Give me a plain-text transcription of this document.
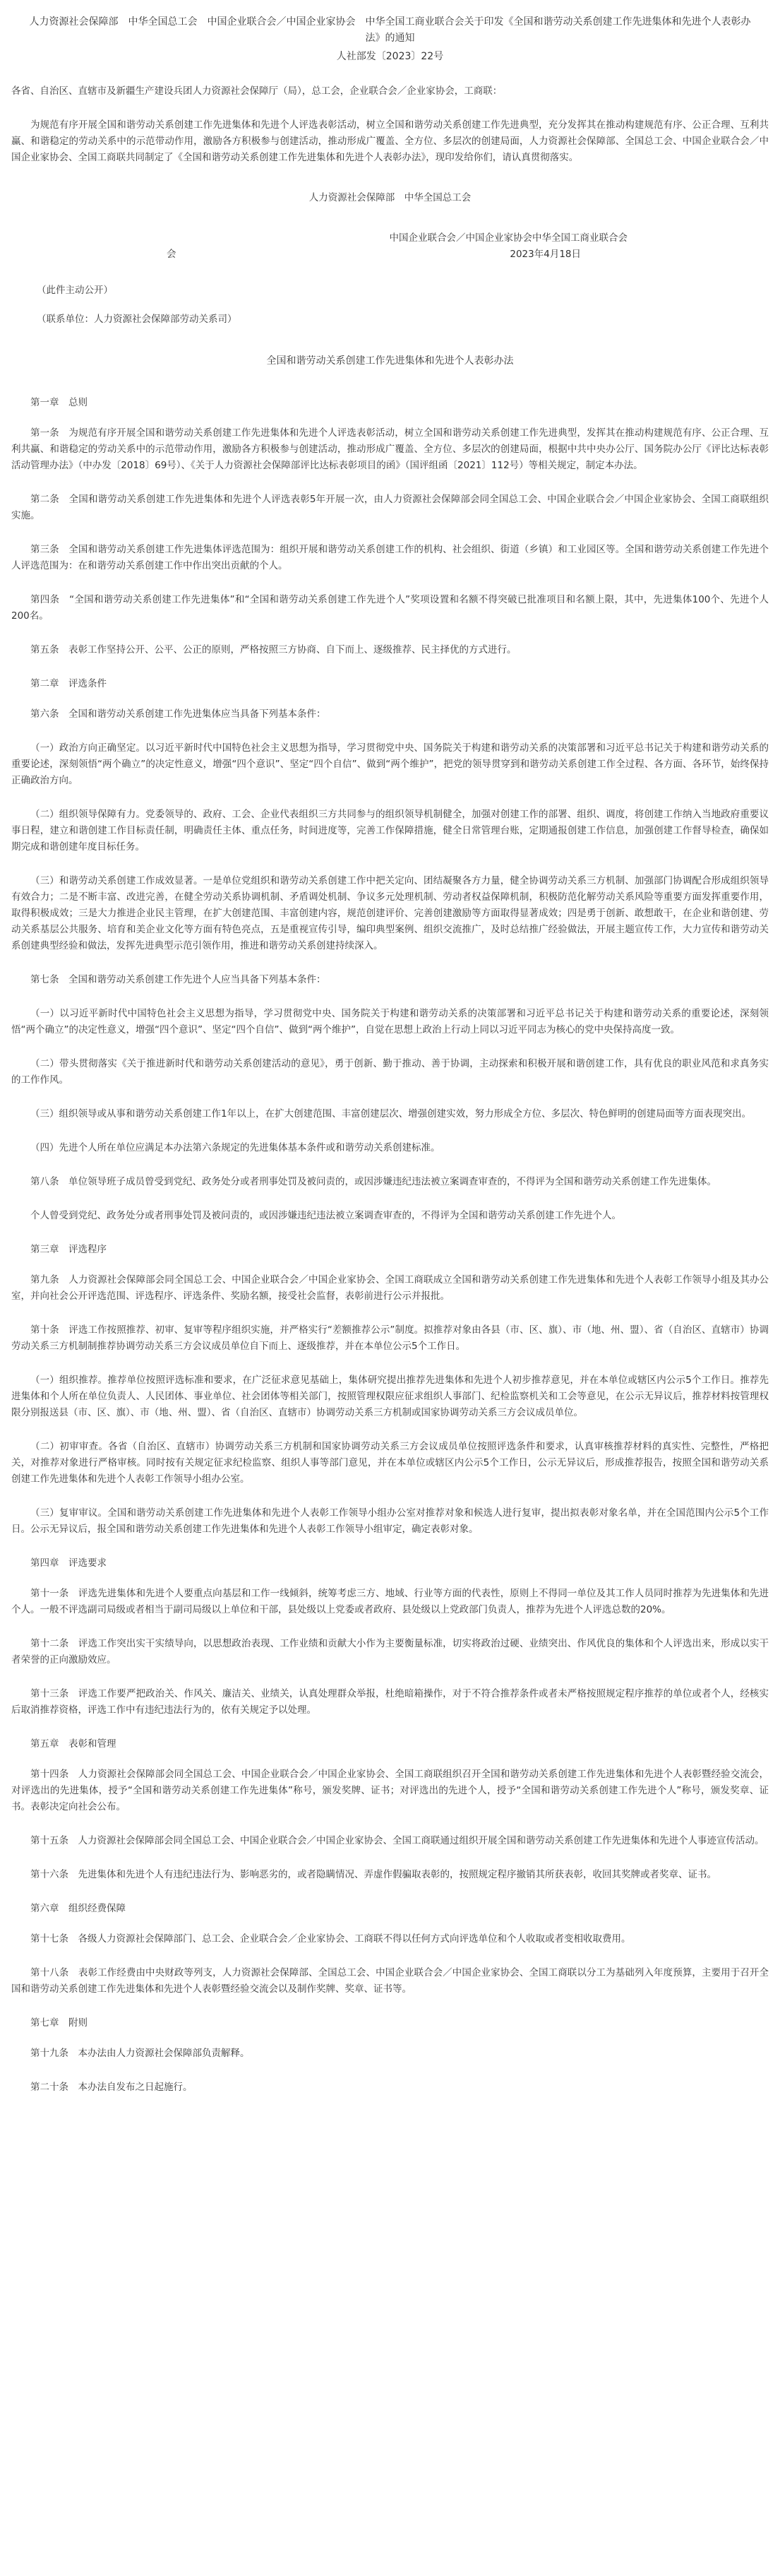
人力资源社会保障部　中华全国总工会　中国企业联合会／中国企业家协会　中华全国工商业联合会关于印发《全国和谐劳动关系创建工作先进集体和先进个人表彰办法》的通知

人社部发〔2023〕22号

各省、自治区、直辖市及新疆生产建设兵团人力资源社会保障厅（局），总工会，企业联合会／企业家协会，工商联：

为规范有序开展全国和谐劳动关系创建工作先进集体和先进个人评选表彰活动，树立全国和谐劳动关系创建工作先进典型，充分发挥其在推动构建规范有序、公正合理、互利共赢、和谐稳定的劳动关系中的示范带动作用，激励各方积极参与创建活动，推动形成广覆盖、全方位、多层次的创建局面，人力资源社会保障部、全国总工会、中国企业联合会／中国企业家协会、全国工商联共同制定了《全国和谐劳动关系创建工作先进集体和先进个人表彰办法》，现印发给你们，请认真贯彻落实。

人力资源社会保障部　中华全国总工会

中国企业联合会／中国企业家协会中华全国工商业联合会

会	2023年4月18日

（此件主动公开）

（联系单位：人力资源社会保障部劳动关系司）

全国和谐劳动关系创建工作先进集体和先进个人表彰办法

第一章　总则

第一条　为规范有序开展全国和谐劳动关系创建工作先进集体和先进个人评选表彰活动，树立全国和谐劳动关系创建工作先进典型，发挥其在推动构建规范有序、公正合理、互利共赢、和谐稳定的劳动关系中的示范带动作用，激励各方积极参与创建活动，推动形成广覆盖、全方位、多层次的创建局面，根据中共中央办公厅、国务院办公厅《评比达标表彰活动管理办法》（中办发〔2018〕69号）、《关于人力资源社会保障部评比达标表彰项目的函》（国评组函〔2021〕112号）等相关规定，制定本办法。

第二条　全国和谐劳动关系创建工作先进集体和先进个人评选表彰5年开展一次，由人力资源社会保障部会同全国总工会、中国企业联合会／中国企业家协会、全国工商联组织实施。

第三条　全国和谐劳动关系创建工作先进集体评选范围为：组织开展和谐劳动关系创建工作的机构、社会组织、街道（乡镇）和工业园区等。全国和谐劳动关系创建工作先进个人评选范围为：在和谐劳动关系创建工作中作出突出贡献的个人。

第四条　“全国和谐劳动关系创建工作先进集体”和“全国和谐劳动关系创建工作先进个人”奖项设置和名额不得突破已批准项目和名额上限，其中，先进集体100个、先进个人200名。

第五条　表彰工作坚持公开、公平、公正的原则，严格按照三方协商、自下而上、逐级推荐、民主择优的方式进行。

第二章　评选条件

第六条　全国和谐劳动关系创建工作先进集体应当具备下列基本条件：

（一）政治方向正确坚定。以习近平新时代中国特色社会主义思想为指导，学习贯彻党中央、国务院关于构建和谐劳动关系的决策部署和习近平总书记关于构建和谐劳动关系的重要论述，深刻领悟“两个确立”的决定性意义，增强“四个意识”、坚定“四个自信”、做到“两个维护”，把党的领导贯穿到和谐劳动关系创建工作全过程、各方面、各环节，始终保持正确政治方向。

（二）组织领导保障有力。党委领导的、政府、工会、企业代表组织三方共同参与的组织领导机制健全，加强对创建工作的部署、组织、调度，将创建工作纳入当地政府重要议事日程，建立和谐创建工作目标责任制，明确责任主体、重点任务，时间进度等，完善工作保障措施，健全日常管理台账，定期通报创建工作信息，加强创建工作督导检查，确保如期完成和谐创建年度目标任务。

（三）和谐劳动关系创建工作成效显著。一是单位党组织和谐劳动关系创建工作中把关定向、团结凝聚各方力量，健全协调劳动关系三方机制、加强部门协调配合形成组织领导有效合力；二是不断丰富、改进完善，在健全劳动关系协调机制、矛盾调处机制、争议多元处理机制、劳动者权益保障机制，积极防范化解劳动关系风险等重要方面发挥重要作用，取得积极成效；三是大力推进企业民主管理，在扩大创建范围、丰富创建内容，规范创建评价、完善创建激励等方面取得显著成效；四是勇于创新、敢想敢干，在企业和谐创建、劳动关系基层公共服务、培育和美企业文化等方面有特色亮点，五是重视宣传引导，编印典型案例、组织交流推广，及时总结推广经验做法，开展主题宣传工作，大力宣传和谐劳动关系创建典型经验和做法，发挥先进典型示范引领作用，推进和谐劳动关系创建持续深入。

第七条　全国和谐劳动关系创建工作先进个人应当具备下列基本条件：

（一）以习近平新时代中国特色社会主义思想为指导，学习贯彻党中央、国务院关于构建和谐劳动关系的决策部署和习近平总书记关于构建和谐劳动关系的重要论述，深刻领悟“两个确立”的决定性意义，增强“四个意识”、坚定“四个自信”、做到“两个维护”，自觉在思想上政治上行动上同以习近平同志为核心的党中央保持高度一致。

（二）带头贯彻落实《关于推进新时代和谐劳动关系创建活动的意见》，勇于创新、勤于推动、善于协调，主动探索和积极开展和谐创建工作，具有优良的职业风范和求真务实的工作作风。

（三）组织领导或从事和谐劳动关系创建工作1年以上，在扩大创建范围、丰富创建层次、增强创建实效，努力形成全方位、多层次、特色鲜明的创建局面等方面表现突出。

（四）先进个人所在单位应满足本办法第六条规定的先进集体基本条件或和谐劳动关系创建标准。

第八条　单位领导班子成员曾受到党纪、政务处分或者刑事处罚及被问责的，或因涉嫌违纪违法被立案调查审查的，不得评为全国和谐劳动关系创建工作先进集体。

个人曾受到党纪、政务处分或者刑事处罚及被问责的，或因涉嫌违纪违法被立案调查审查的，不得评为全国和谐劳动关系创建工作先进个人。

第三章　评选程序

第九条　人力资源社会保障部会同全国总工会、中国企业联合会／中国企业家协会、全国工商联成立全国和谐劳动关系创建工作先进集体和先进个人表彰工作领导小组及其办公室，并向社会公开评选范围、评选程序、评选条件、奖励名额，接受社会监督，表彰前进行公示并报批。

第十条　评选工作按照推荐、初审、复审等程序组织实施，并严格实行“差额推荐公示”制度。拟推荐对象由各县（市、区、旗）、市（地、州、盟）、省（自治区、直辖市）协调劳动关系三方机制制推荐协调劳动关系三方会议成员单位自下而上、逐级推荐，并在本单位公示5个工作日。

（一）组织推荐。推荐单位按照评选标准和要求，在广泛征求意见基础上，集体研究提出推荐先进集体和先进个人初步推荐意见，并在本单位或辖区内公示5个工作日。推荐先进集体和个人所在单位负责人、人民团体、事业单位、社会团体等相关部门，按照管理权限应征求组织人事部门、纪检监察机关和工会等意见，在公示无异议后，推荐材料按管理权限分别报送县（市、区、旗）、市（地、州、盟）、省（自治区、直辖市）协调劳动关系三方机制或国家协调劳动关系三方会议成员单位。

（二）初审审查。各省（自治区、直辖市）协调劳动关系三方机制和国家协调劳动关系三方会议成员单位按照评选条件和要求，认真审核推荐材料的真实性、完整性，严格把关，对推荐对象进行严格审核。同时按有关规定征求纪检监察、组织人事等部门意见，并在本单位或辖区内公示5个工作日，公示无异议后，形成推荐报告，按照全国和谐劳动关系创建工作先进集体和先进个人表彰工作领导小组办公室。

（三）复审审议。全国和谐劳动关系创建工作先进集体和先进个人表彰工作领导小组办公室对推荐对象和候选人进行复审，提出拟表彰对象名单，并在全国范围内公示5个工作日。公示无异议后，报全国和谐劳动关系创建工作先进集体和先进个人表彰工作领导小组审定，确定表彰对象。

第四章　评选要求

第十一条　评选先进集体和先进个人要重点向基层和工作一线倾斜，统筹考虑三方、地域、行业等方面的代表性，原则上不得同一单位及其工作人员同时推荐为先进集体和先进个人。一般不评选副司局级或者相当于副司局级以上单位和干部，县处级以上党委或者政府、县处级以上党政部门负责人，推荐为先进个人评选总数的20%。

第十二条　评选工作突出实干实绩导向，以思想政治表现、工作业绩和贡献大小作为主要衡量标准，切实将政治过硬、业绩突出、作风优良的集体和个人评选出来，形成以实干者荣誉的正向激励效应。

第十三条　评选工作要严把政治关、作风关、廉洁关、业绩关，认真处理群众举报，杜绝暗箱操作，对于不符合推荐条件或者未严格按照规定程序推荐的单位或者个人，经核实后取消推荐资格，评选工作中有违纪违法行为的，依有关规定予以处理。

第五章　表彰和管理

第十四条　人力资源社会保障部会同全国总工会、中国企业联合会／中国企业家协会、全国工商联组织召开全国和谐劳动关系创建工作先进集体和先进个人表彰暨经验交流会，对评选出的先进集体，授予“全国和谐劳动关系创建工作先进集体”称号，颁发奖牌、证书；对评选出的先进个人，授予“全国和谐劳动关系创建工作先进个人”称号，颁发奖章、证书。表彰决定向社会公布。

第十五条　人力资源社会保障部会同全国总工会、中国企业联合会／中国企业家协会、全国工商联通过组织开展全国和谐劳动关系创建工作先进集体和先进个人事迹宣传活动。

第十六条　先进集体和先进个人有违纪违法行为、影响恶劣的，或者隐瞒情况、弄虚作假骗取表彰的，按照规定程序撤销其所获表彰，收回其奖牌或者奖章、证书。

第六章　组织经费保障

第十七条　各级人力资源社会保障部门、总工会、企业联合会／企业家协会、工商联不得以任何方式向评选单位和个人收取或者变相收取费用。

第十八条　表彰工作经费由中央财政等列支，人力资源社会保障部、全国总工会、中国企业联合会／中国企业家协会、全国工商联以分工为基础列入年度预算，主要用于召开全国和谐劳动关系创建工作先进集体和先进个人表彰暨经验交流会以及制作奖牌、奖章、证书等。

第七章　附则

第十九条　本办法由人力资源社会保障部负责解释。

第二十条　本办法自发布之日起施行。
